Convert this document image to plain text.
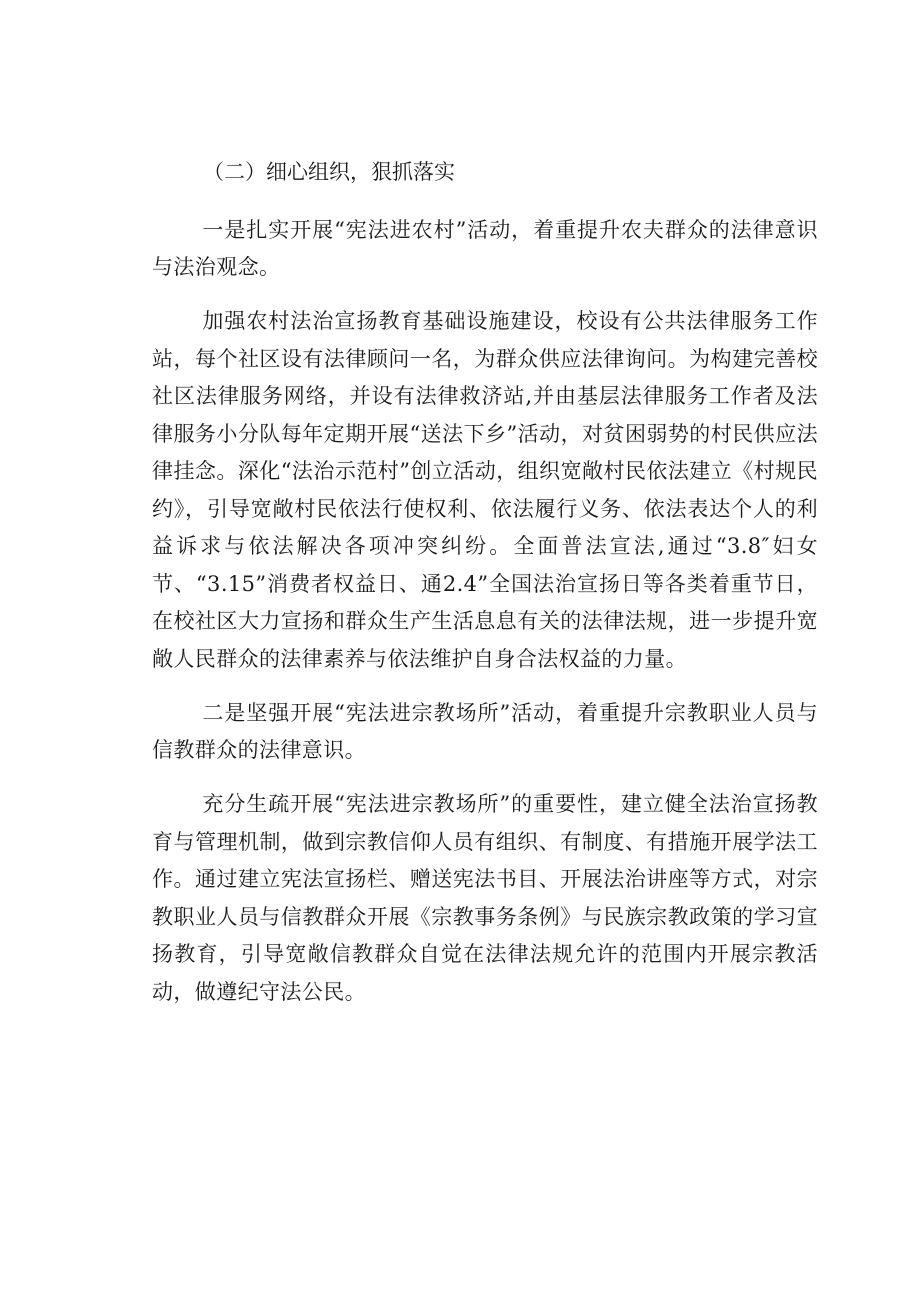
（二）细心组织，狠抓落实

一是扎实开展“宪法进农村”活动，着重提升农夫群众的法律意识与法治观念。

加强农村法治宣扬教育基础设施建设，校设有公共法律服务工作站，每个社区设有法律顾问一名，为群众供应法律询问。为构建完善校社区法律服务网络，并设有法律救济站,并由基层法律服务工作者及法律服务小分队每年定期开展“送法下乡”活动，对贫困弱势的村民供应法律挂念。深化“法治示范村”创立活动，组织宽敞村民依法建立《村规民约》，引导宽敞村民依法行使权利、依法履行义务、依法表达个人的利益诉求与依法解决各项冲突纠纷。全面普法宣法,通过“3.8″妇女节、“3.15”消费者权益日、通2.4”全国法治宣扬日等各类着重节日，在校社区大力宣扬和群众生产生活息息有关的法律法规，进一步提升宽敞人民群众的法律素养与依法维护自身合法权益的力量。

二是坚强开展“宪法进宗教场所”活动，着重提升宗教职业人员与信教群众的法律意识。

充分生疏开展“宪法进宗教场所”的重要性，建立健全法治宣扬教育与管理机制，做到宗教信仰人员有组织、有制度、有措施开展学法工作。通过建立宪法宣扬栏、赠送宪法书目、开展法治讲座等方式，对宗教职业人员与信教群众开展《宗教事务条例》与民族宗教政策的学习宣扬教育，引导宽敞信教群众自觉在法律法规允许的范围内开展宗教活动，做遵纪守法公民。
